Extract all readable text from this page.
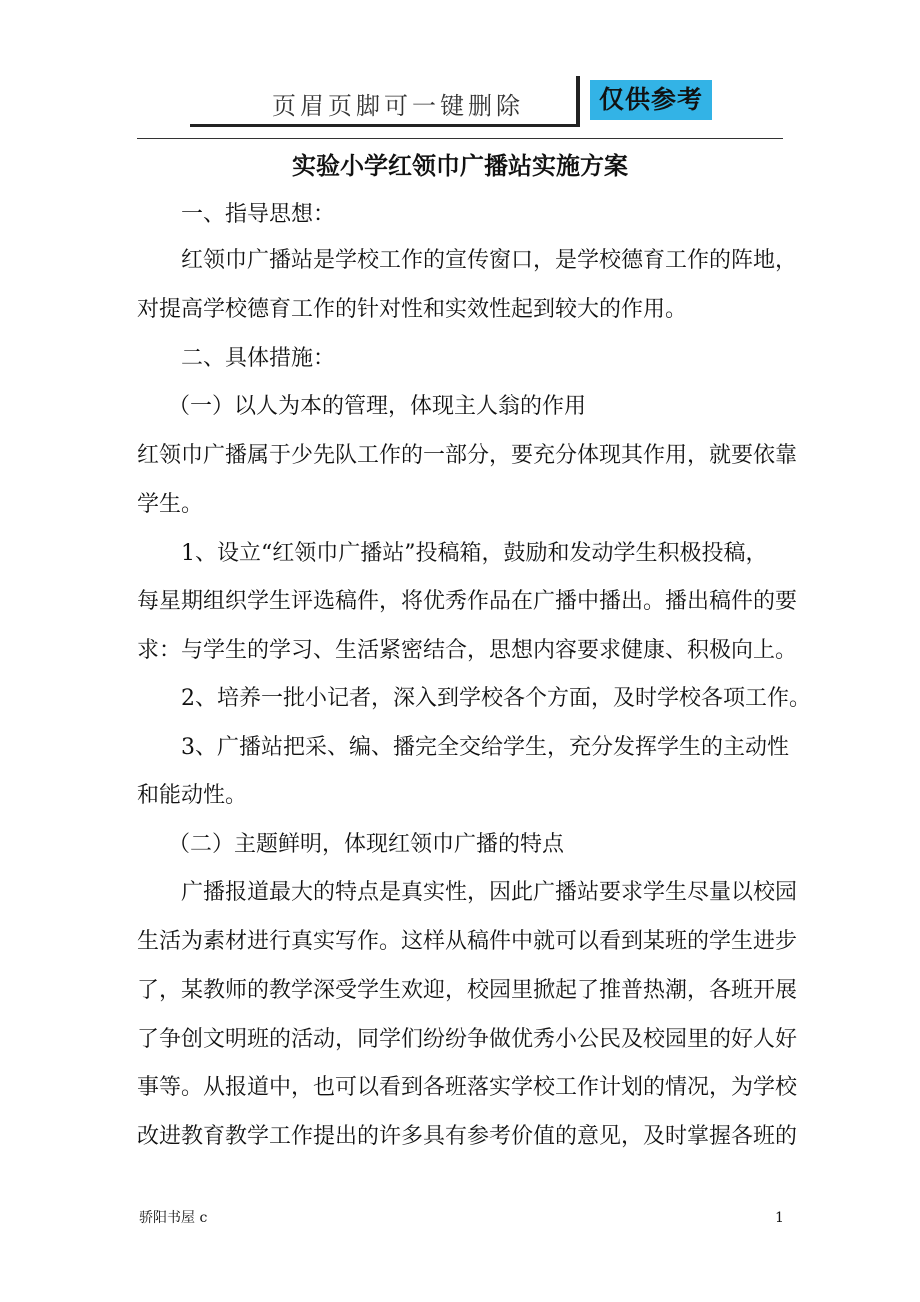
页眉页脚可一键删除	仅供参考
实验小学红领巾广播站实施方案
一、指导思想：
红领巾广播站是学校工作的宣传窗口，是学校德育工作的阵地，
对提高学校德育工作的针对性和实效性起到较大的作用。
二、具体措施：
（一）以人为本的管理，体现主人翁的作用
红领巾广播属于少先队工作的一部分，要充分体现其作用，就要依靠
学生。
1、设立“红领巾广播站”投稿箱，鼓励和发动学生积极投稿，
每星期组织学生评选稿件，将优秀作品在广播中播出。播出稿件的要
求：与学生的学习、生活紧密结合，思想内容要求健康、积极向上。
2、培养一批小记者，深入到学校各个方面，及时学校各项工作。
3、广播站把采、编、播完全交给学生，充分发挥学生的主动性
和能动性。
（二）主题鲜明，体现红领巾广播的特点
广播报道最大的特点是真实性，因此广播站要求学生尽量以校园
生活为素材进行真实写作。这样从稿件中就可以看到某班的学生进步
了，某教师的教学深受学生欢迎，校园里掀起了推普热潮，各班开展
了争创文明班的活动，同学们纷纷争做优秀小公民及校园里的好人好
事等。从报道中，也可以看到各班落实学校工作计划的情况，为学校
改进教育教学工作提出的许多具有参考价值的意见，及时掌握各班的
骄阳书屋 c	1
